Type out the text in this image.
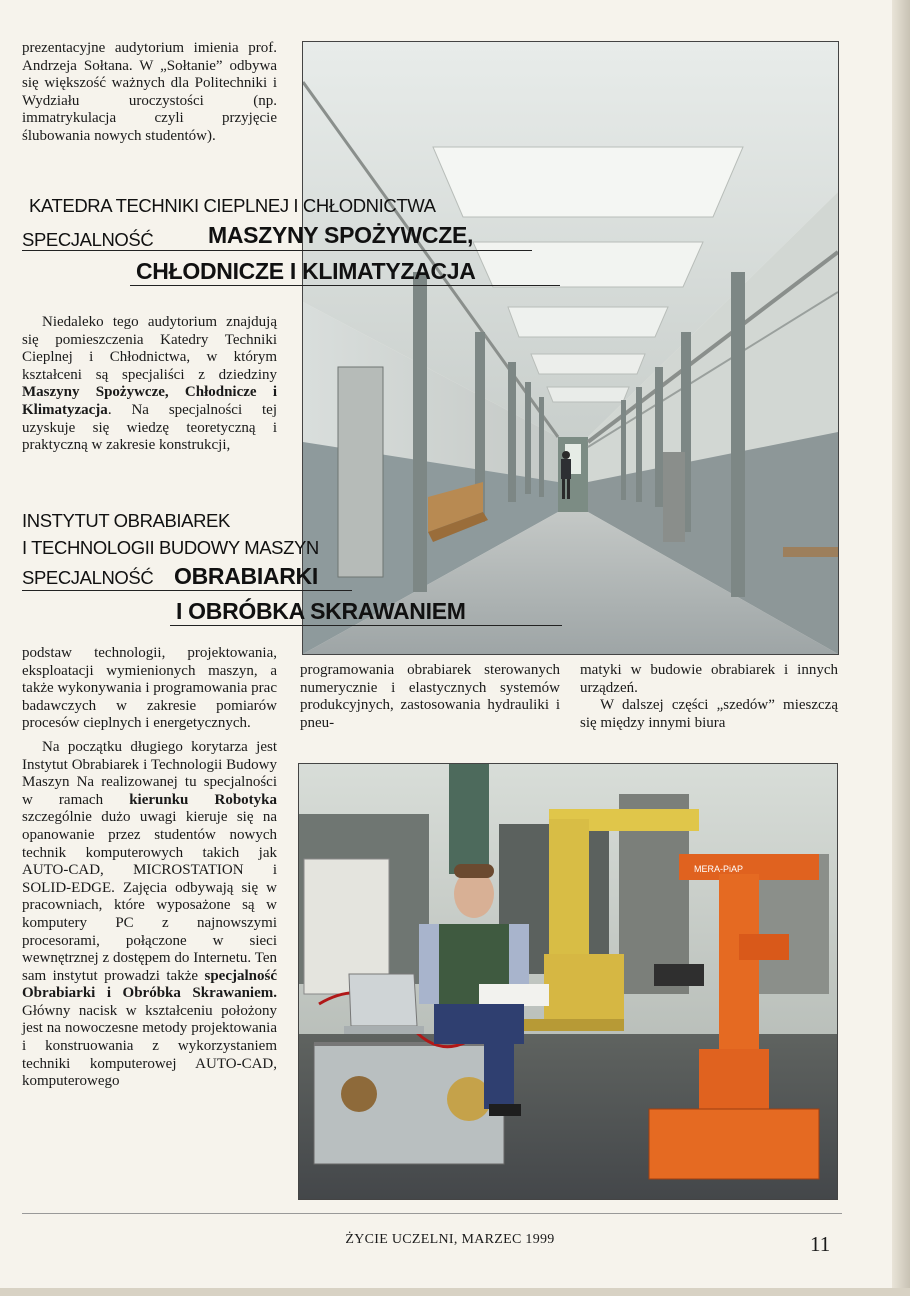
prezentacyjne audytorium imienia prof. Andrzeja Sołtana. W „Sołtanie” odbywa się większość ważnych dla Politechniki i Wydziału uroczystości (np. immatrykulacja czyli przyjęcie ślubowania nowych studentów).

KATEDRA TECHNIKI CIEPLNEJ I CHŁODNICTWA
SPECJALNOŚĆ MASZYNY SPOŻYWCZE,
CHŁODNICZE I KLIMATYZACJA

Niedaleko tego audytorium znajdują się pomieszczenia Katedry Techniki Cieplnej i Chłodnictwa, w którym kształceni są specjaliści z dziedziny Maszyny Spożywcze, Chłodnicze i Klimatyzacja. Na specjalności tej uzyskuje się wiedzę teoretyczną i praktyczną w zakresie konstrukcji,

INSTYTUT OBRABIAREK
I TECHNOLOGII BUDOWY MASZYN
SPECJALNOŚĆ OBRABIARKI
I OBRÓBKA SKRAWANIEM

podstaw technologii, projektowania, eksploatacji wymienionych maszyn, a także wykonywania i programowania prac badawczych w zakresie pomiarów procesów cieplnych i energetycznych.

Na początku długiego korytarza jest Instytut Obrabiarek i Technologii Budowy Maszyn Na realizowanej tu specjalności w ramach kierunku Robotyka szczególnie dużo uwagi kieruje się na opanowanie przez studentów nowych technik komputerowych takich jak AUTO-CAD, MICROSTATION i SOLID-EDGE. Zajęcia odbywają się w pracowniach, które wyposażone są w komputery PC z najnowszymi procesorami, połączone w sieci wewnętrznej z dostępem do Internetu. Ten sam instytut prowadzi także specjalność Obrabiarki i Obróbka Skrawaniem. Główny nacisk w kształceniu położony jest na nowoczesne metody projektowania i konstruowania z wykorzystaniem techniki komputerowej AUTO-CAD, komputerowego

programowania obrabiarek sterowanych numerycznie i elastycznych systemów produkcyjnych, zastosowania hydrauliki i pneu-

matyki w budowie obrabiarek i innych urządzeń.

W dalszej części „szedów” mieszczą się między innymi biura

MERA-PiAP
ŻYCIE UCZELNI, MARZEC 1999	11
